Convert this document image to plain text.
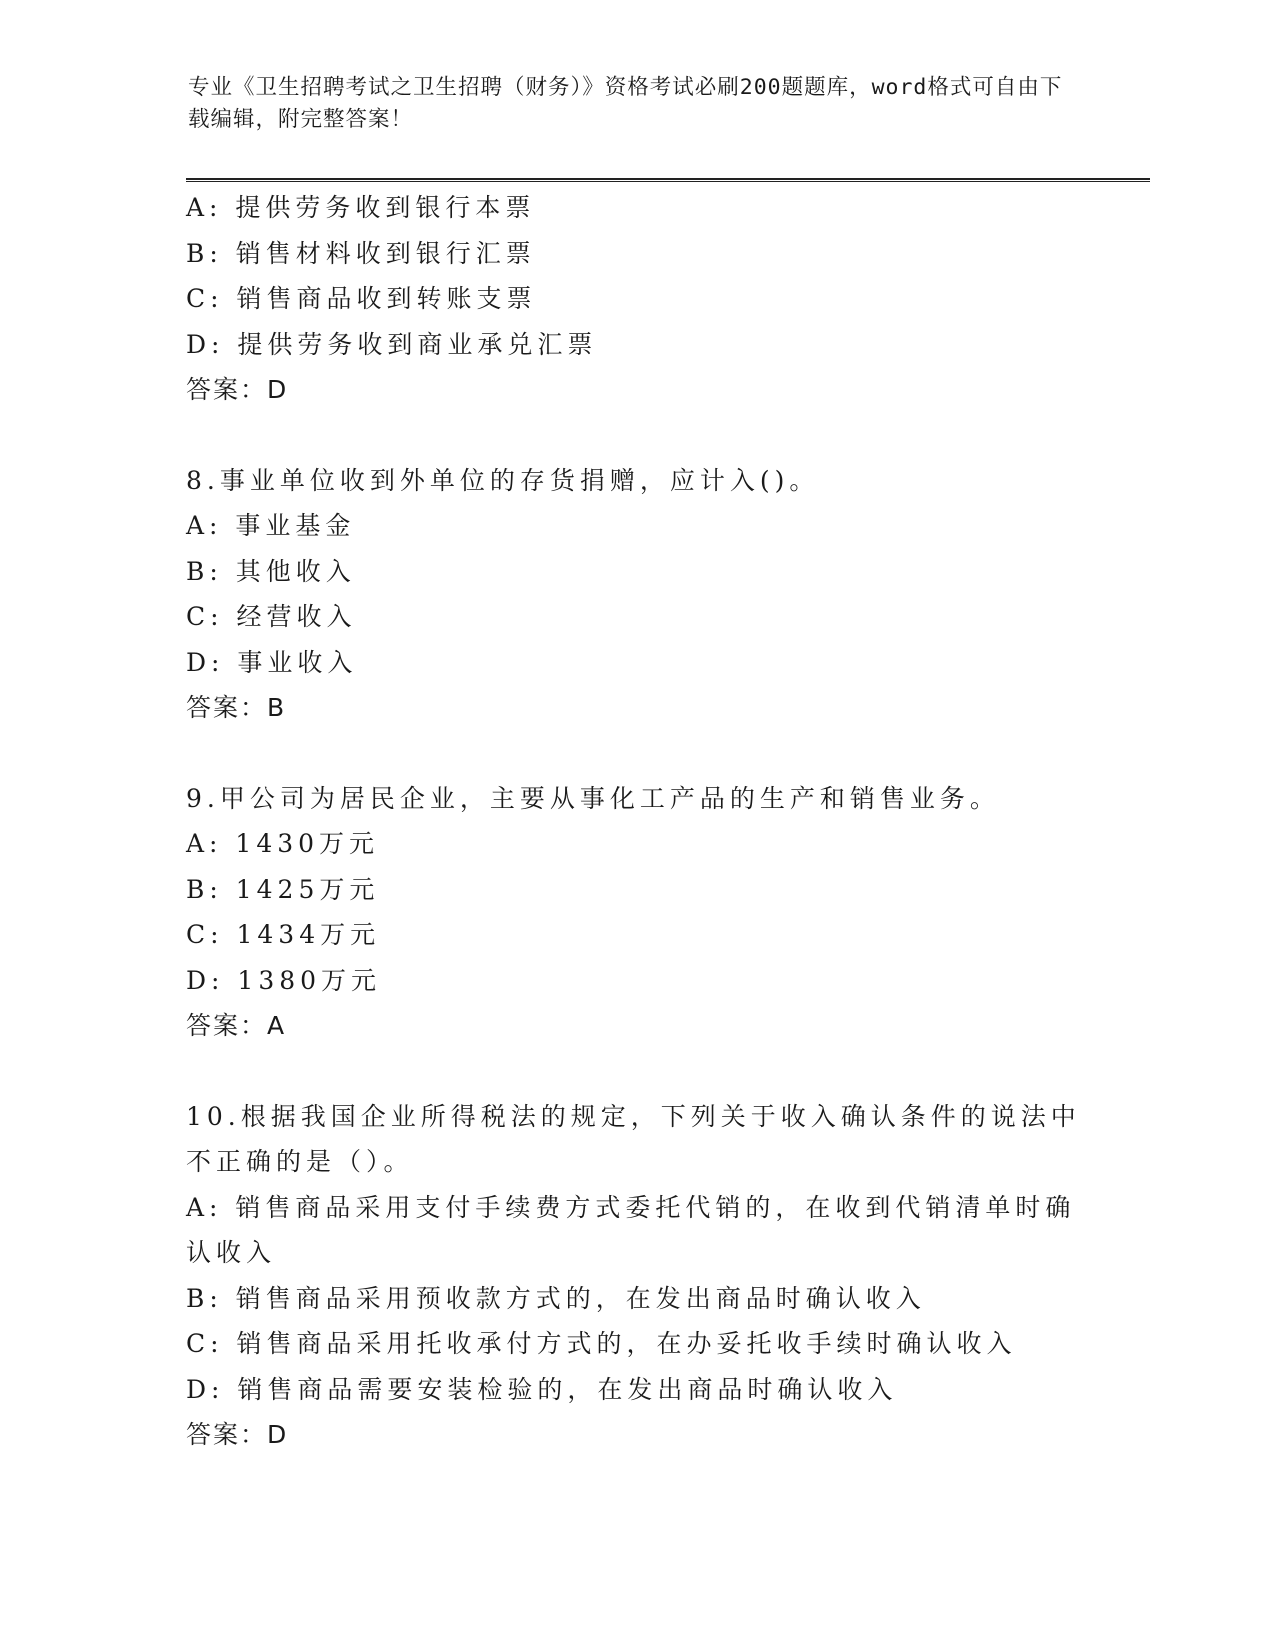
专业《卫生招聘考试之卫生招聘（财务）》资格考试必刷200题题库，word格式可自由下载编辑，附完整答案！
A: 提供劳务收到银行本票
B: 销售材料收到银行汇票
C: 销售商品收到转账支票
D: 提供劳务收到商业承兑汇票
答案：D
8.事业单位收到外单位的存货捐赠，应计入()。
A: 事业基金
B: 其他收入
C: 经营收入
D: 事业收入
答案：B
9.甲公司为居民企业，主要从事化工产品的生产和销售业务。
A: 1430万元
B: 1425万元
C: 1434万元
D: 1380万元
答案：A
10.根据我国企业所得税法的规定，下列关于收入确认条件的说法中不正确的是（）。
A: 销售商品采用支付手续费方式委托代销的，在收到代销清单时确认收入
B: 销售商品采用预收款方式的，在发出商品时确认收入
C: 销售商品采用托收承付方式的，在办妥托收手续时确认收入
D: 销售商品需要安装检验的，在发出商品时确认收入
答案：D
